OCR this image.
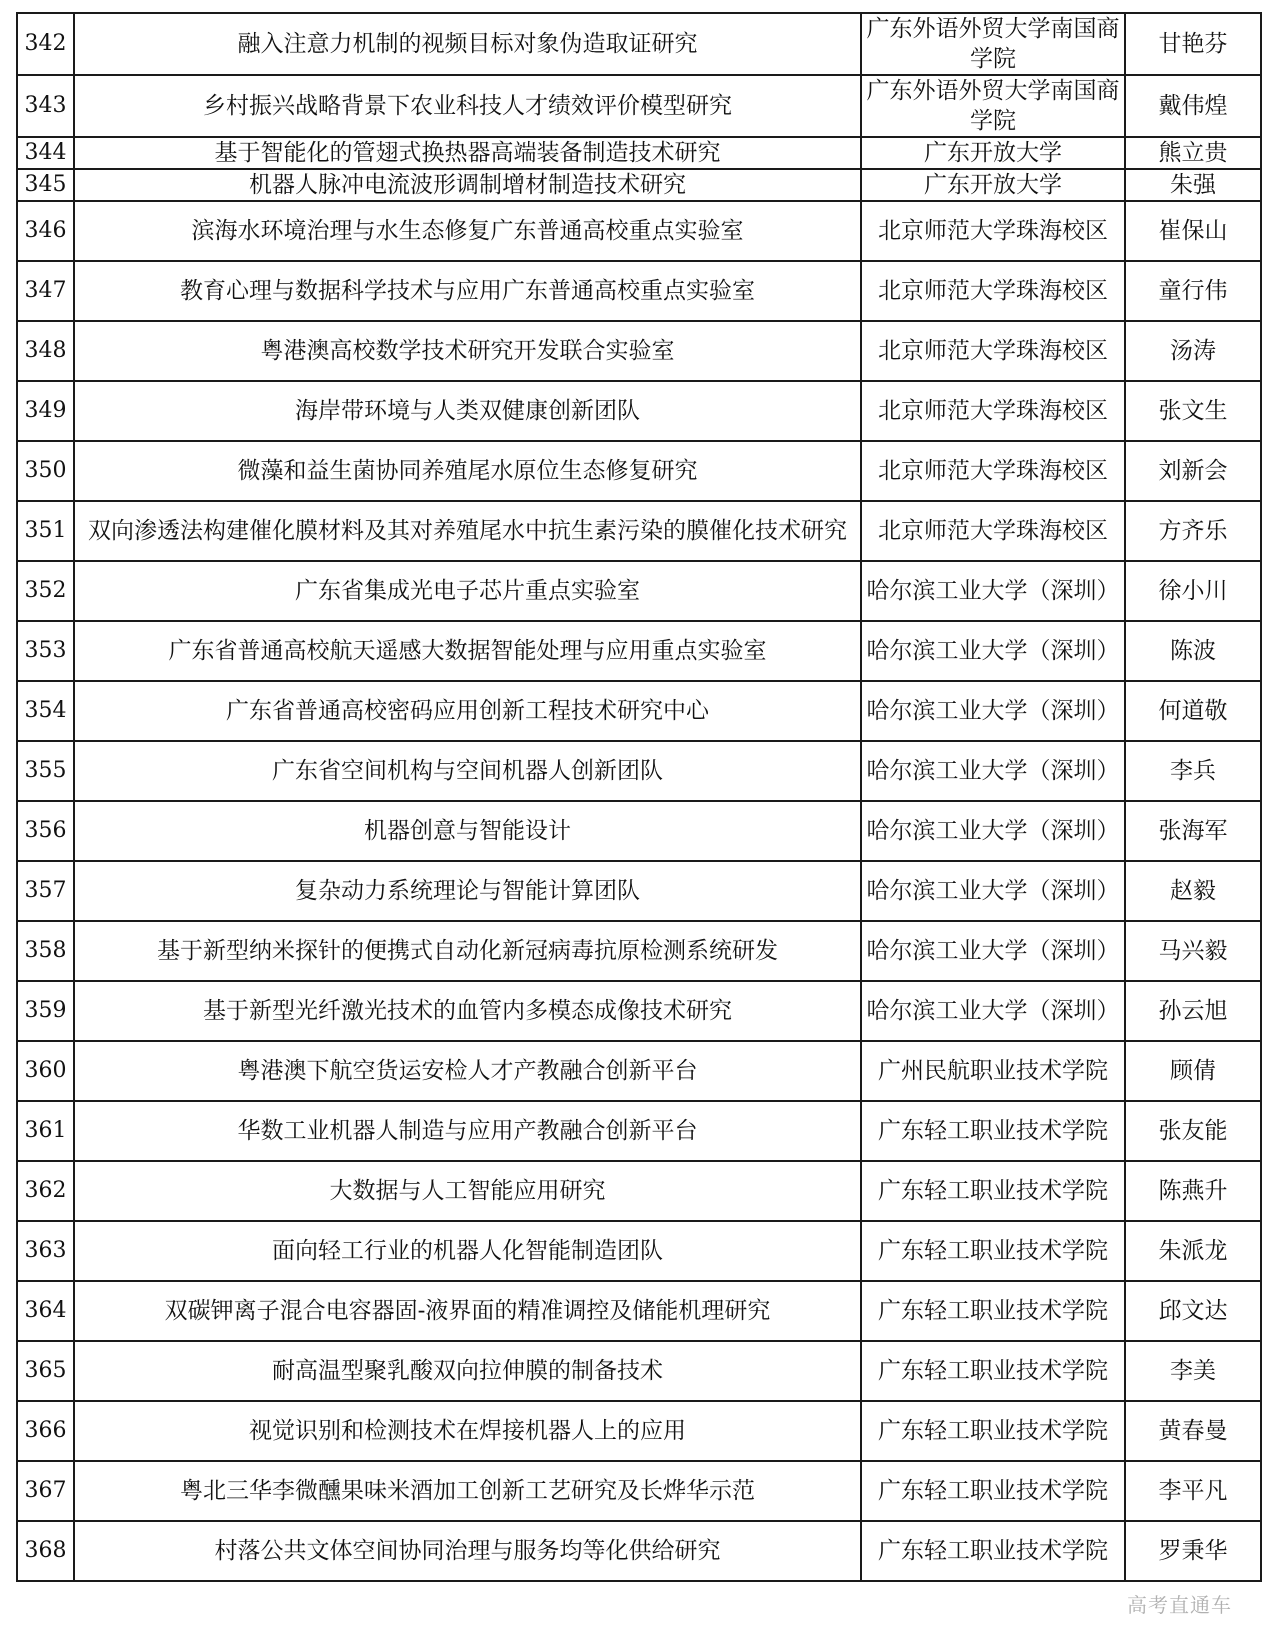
342	融入注意力机制的视频目标对象伪造取证研究	广东外语外贸大学南国商学院	甘艳芬
343	乡村振兴战略背景下农业科技人才绩效评价模型研究	广东外语外贸大学南国商学院	戴伟煌
344	基于智能化的管翅式换热器高端装备制造技术研究	广东开放大学	熊立贵
345	机器人脉冲电流波形调制增材制造技术研究	广东开放大学	朱强
346	滨海水环境治理与水生态修复广东普通高校重点实验室	北京师范大学珠海校区	崔保山
347	教育心理与数据科学技术与应用广东普通高校重点实验室	北京师范大学珠海校区	童行伟
348	粤港澳高校数学技术研究开发联合实验室	北京师范大学珠海校区	汤涛
349	海岸带环境与人类双健康创新团队	北京师范大学珠海校区	张文生
350	微藻和益生菌协同养殖尾水原位生态修复研究	北京师范大学珠海校区	刘新会
351	双向渗透法构建催化膜材料及其对养殖尾水中抗生素污染的膜催化技术研究	北京师范大学珠海校区	方齐乐
352	广东省集成光电子芯片重点实验室	哈尔滨工业大学（深圳）	徐小川
353	广东省普通高校航天遥感大数据智能处理与应用重点实验室	哈尔滨工业大学（深圳）	陈波
354	广东省普通高校密码应用创新工程技术研究中心	哈尔滨工业大学（深圳）	何道敬
355	广东省空间机构与空间机器人创新团队	哈尔滨工业大学（深圳）	李兵
356	机器创意与智能设计	哈尔滨工业大学（深圳）	张海军
357	复杂动力系统理论与智能计算团队	哈尔滨工业大学（深圳）	赵毅
358	基于新型纳米探针的便携式自动化新冠病毒抗原检测系统研发	哈尔滨工业大学（深圳）	马兴毅
359	基于新型光纤激光技术的血管内多模态成像技术研究	哈尔滨工业大学（深圳）	孙云旭
360	粤港澳下航空货运安检人才产教融合创新平台	广州民航职业技术学院	顾倩
361	华数工业机器人制造与应用产教融合创新平台	广东轻工职业技术学院	张友能
362	大数据与人工智能应用研究	广东轻工职业技术学院	陈燕升
363	面向轻工行业的机器人化智能制造团队	广东轻工职业技术学院	朱派龙
364	双碳钾离子混合电容器固-液界面的精准调控及储能机理研究	广东轻工职业技术学院	邱文达
365	耐高温型聚乳酸双向拉伸膜的制备技术	广东轻工职业技术学院	李美
366	视觉识别和检测技术在焊接机器人上的应用	广东轻工职业技术学院	黄春曼
367	粤北三华李微醺果味米酒加工创新工艺研究及长烨华示范	广东轻工职业技术学院	李平凡
368	村落公共文体空间协同治理与服务均等化供给研究	广东轻工职业技术学院	罗秉华
高考直通车
